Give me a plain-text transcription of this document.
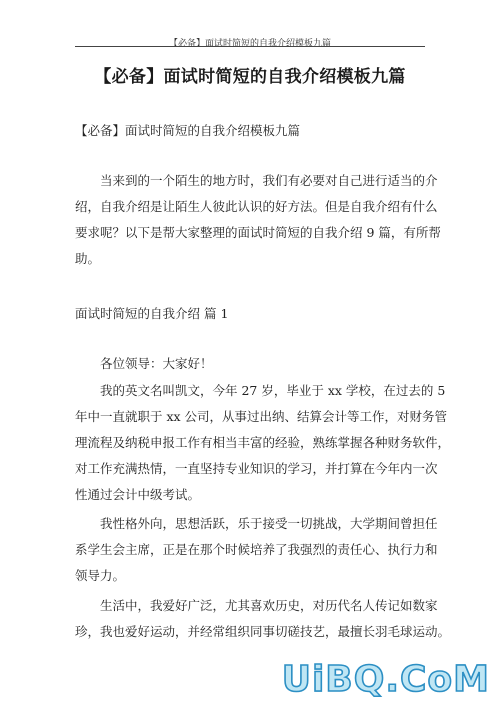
【必备】面试时简短的自我介绍模板九篇
【必备】面试时简短的自我介绍模板九篇
【必备】面试时简短的自我介绍模板九篇
当来到的一个陌生的地方时，我们有必要对自己进行适当的介
绍，自我介绍是让陌生人彼此认识的好方法。但是自我介绍有什么
要求呢？以下是帮大家整理的面试时简短的自我介绍 9 篇，有所帮
助。
面试时简短的自我介绍 篇 1
各位领导：大家好！
我的英文名叫凯文，今年 27 岁，毕业于 xx 学校，在过去的 5
年中一直就职于 xx 公司，从事过出纳、结算会计等工作，对财务管
理流程及纳税申报工作有相当丰富的经验，熟练掌握各种财务软件，
对工作充满热情，一直坚持专业知识的学习，并打算在今年内一次
性通过会计中级考试。
我性格外向，思想活跃，乐于接受一切挑战，大学期间曾担任
系学生会主席，正是在那个时候培养了我强烈的责任心、执行力和
领导力。
生活中，我爱好广泛，尤其喜欢历史，对历代名人传记如数家
珍，我也爱好运动，并经常组织同事切磋技艺，最擅长羽毛球运动。
UiBQ.CoM
